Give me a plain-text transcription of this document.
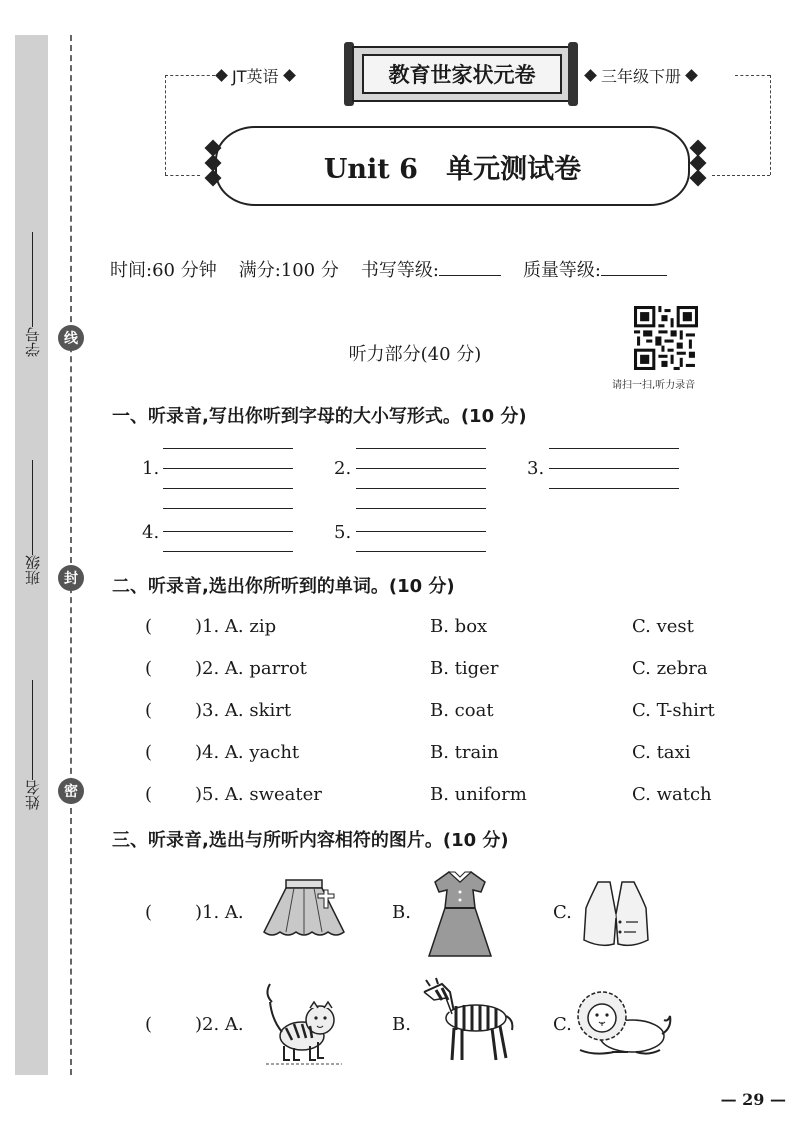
学号
班级
姓名
线
封
密
JT英语	教育世家状元卷	三年级下册
Unit 6   单元测试卷
时间:60 分钟 满分:100 分 书写等级:	质量等级:
请扫一扫,听力录音
听力部分(40 分)
一、听录音,写出你听到字母的大小写形式。(10 分)
1.	2.	3.
4.	5.
二、听录音,选出你所听到的单词。(10 分)
( )1. A. zip	B. box	C. vest
( )2. A. parrot	B. tiger	C. zebra
( )3. A. skirt	B. coat	C. T-shirt
( )4. A. yacht	B. train	C. taxi
( )5. A. sweater	B. uniform	C. watch
三、听录音,选出与所听内容相符的图片。(10 分)
( )1. A.	B.	C.
( )2. A.	B.	C.
— 29 —
